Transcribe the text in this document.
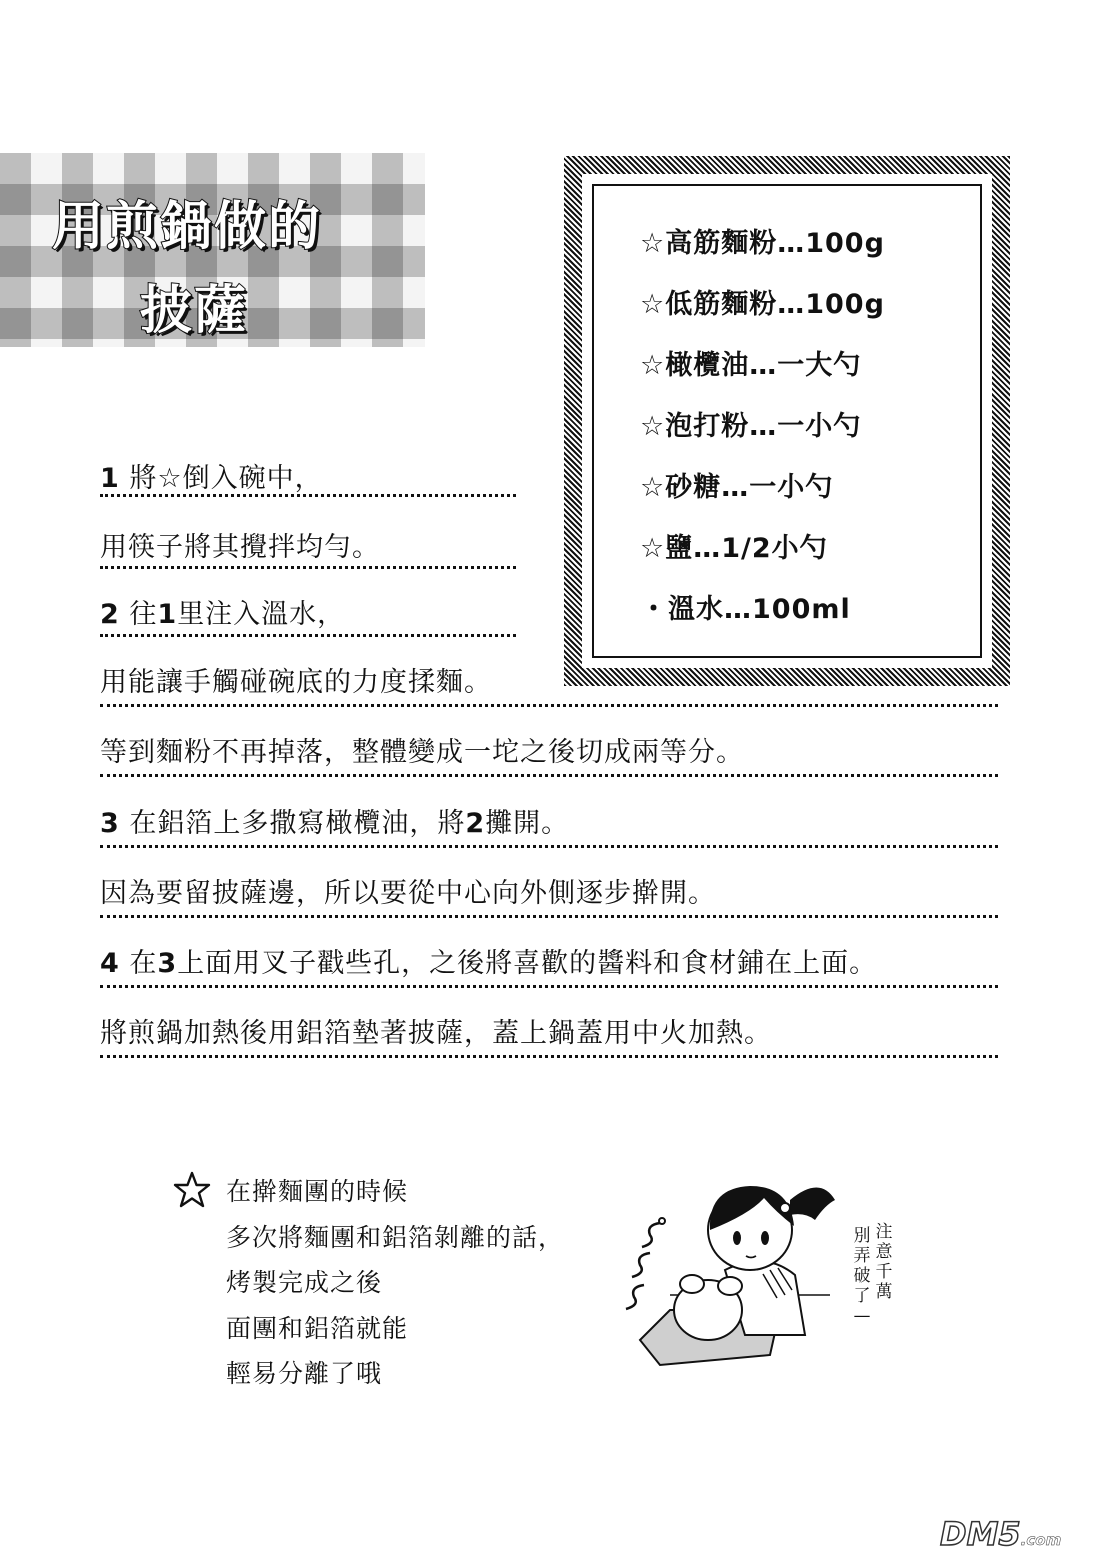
用煎鍋做的
披薩
☆高筋麵粉…100g
☆低筋麵粉…100g
☆橄欖油…一大勺
☆泡打粉…一小勺
☆砂糖…一小勺
☆鹽…1/2小勺
・溫水…100ml
1 將☆倒入碗中，
用筷子將其攪拌均勻。
2 往1里注入溫水，
用能讓手觸碰碗底的力度揉麵。
等到麵粉不再掉落，整體變成一坨之後切成兩等分。
3 在鋁箔上多撒寫橄欖油，將2攤開。
因為要留披薩邊，所以要從中心向外側逐步擀開。
4 在3上面用叉子戳些孔，之後將喜歡的醬料和食材鋪在上面。
將煎鍋加熱後用鋁箔墊著披薩，蓋上鍋蓋用中火加熱。
在擀麵團的時候
多次將麵團和鋁箔剝離的話，
烤製完成之後
面團和鋁箔就能
輕易分離了哦
注意千萬
別弄破了—
DM5.com
